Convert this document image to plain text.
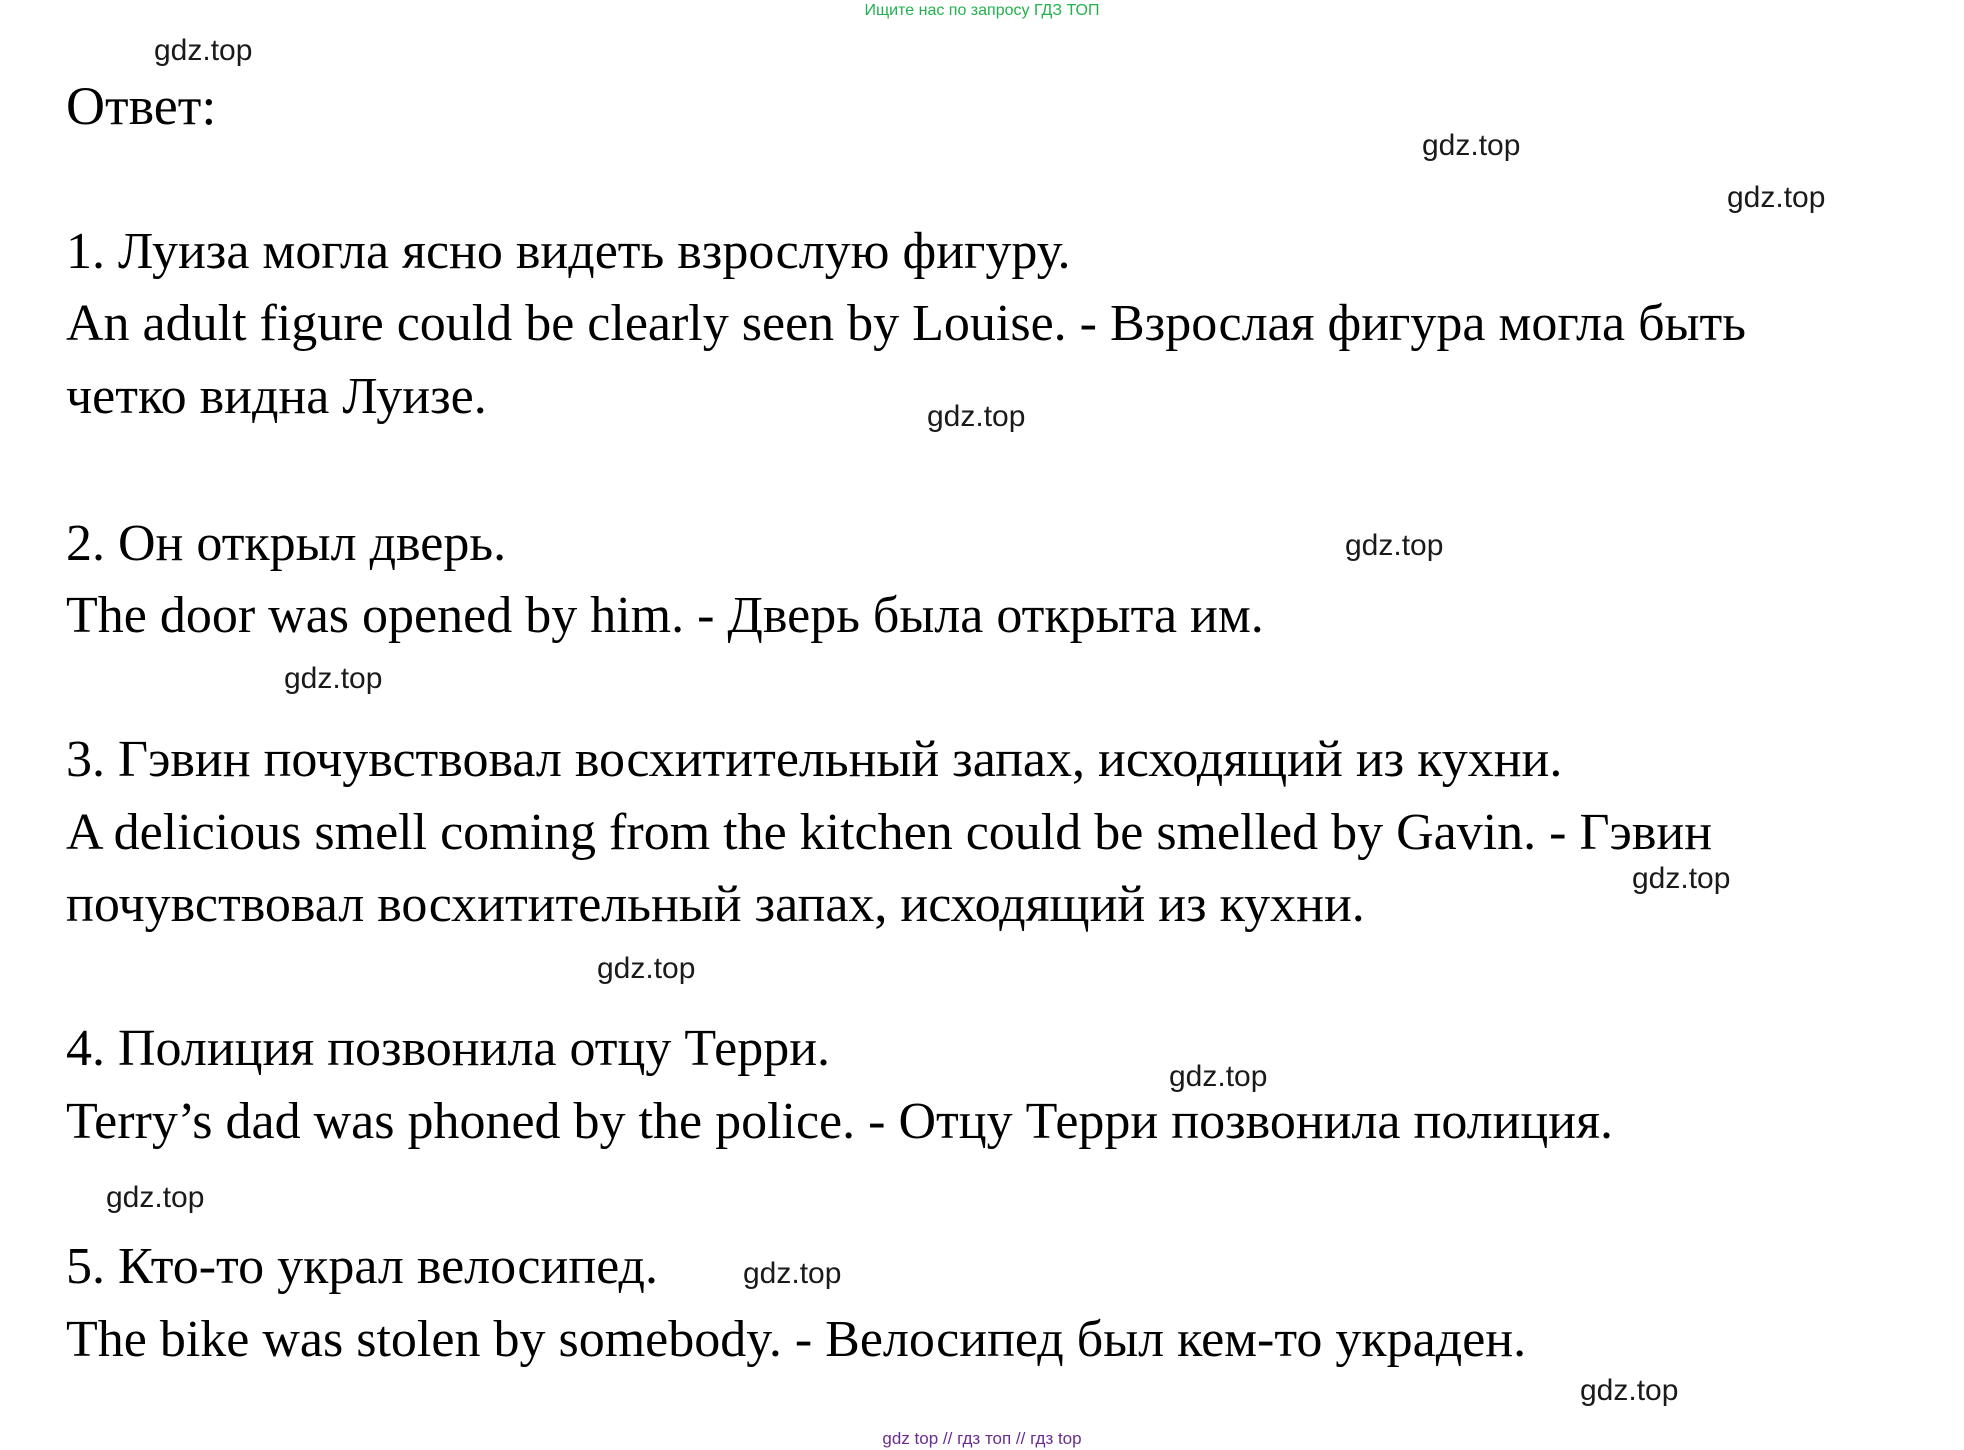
Ищите нас по запросу ГДЗ ТОП
gdz.top
Ответ:
gdz.top
gdz.top
1. Луиза могла ясно видеть взрослую фигуру.
An adult figure could be clearly seen by Louise. - Взрослая фигура могла быть
четко видна Луизе.	gdz.top
2. Он открыл дверь.	gdz.top
The door was opened by him. - Дверь была открыта им.
gdz.top
3. Гэвин почувствовал восхитительный запах, исходящий из кухни.
A delicious smell coming from the kitchen could be smelled by Gavin. - Гэвин
gdz.top
почувствовал восхитительный запах, исходящий из кухни.
gdz.top
4. Полиция позвонила отцу Терри.	gdz.top
Terry’s dad was phoned by the police. - Отцу Терри позвонила полиция.
gdz.top
5. Кто-то украл велосипед.	gdz.top
The bike was stolen by somebody. - Велосипед был кем-то украден.
gdz.top
gdz top // гдз топ // гдз top
